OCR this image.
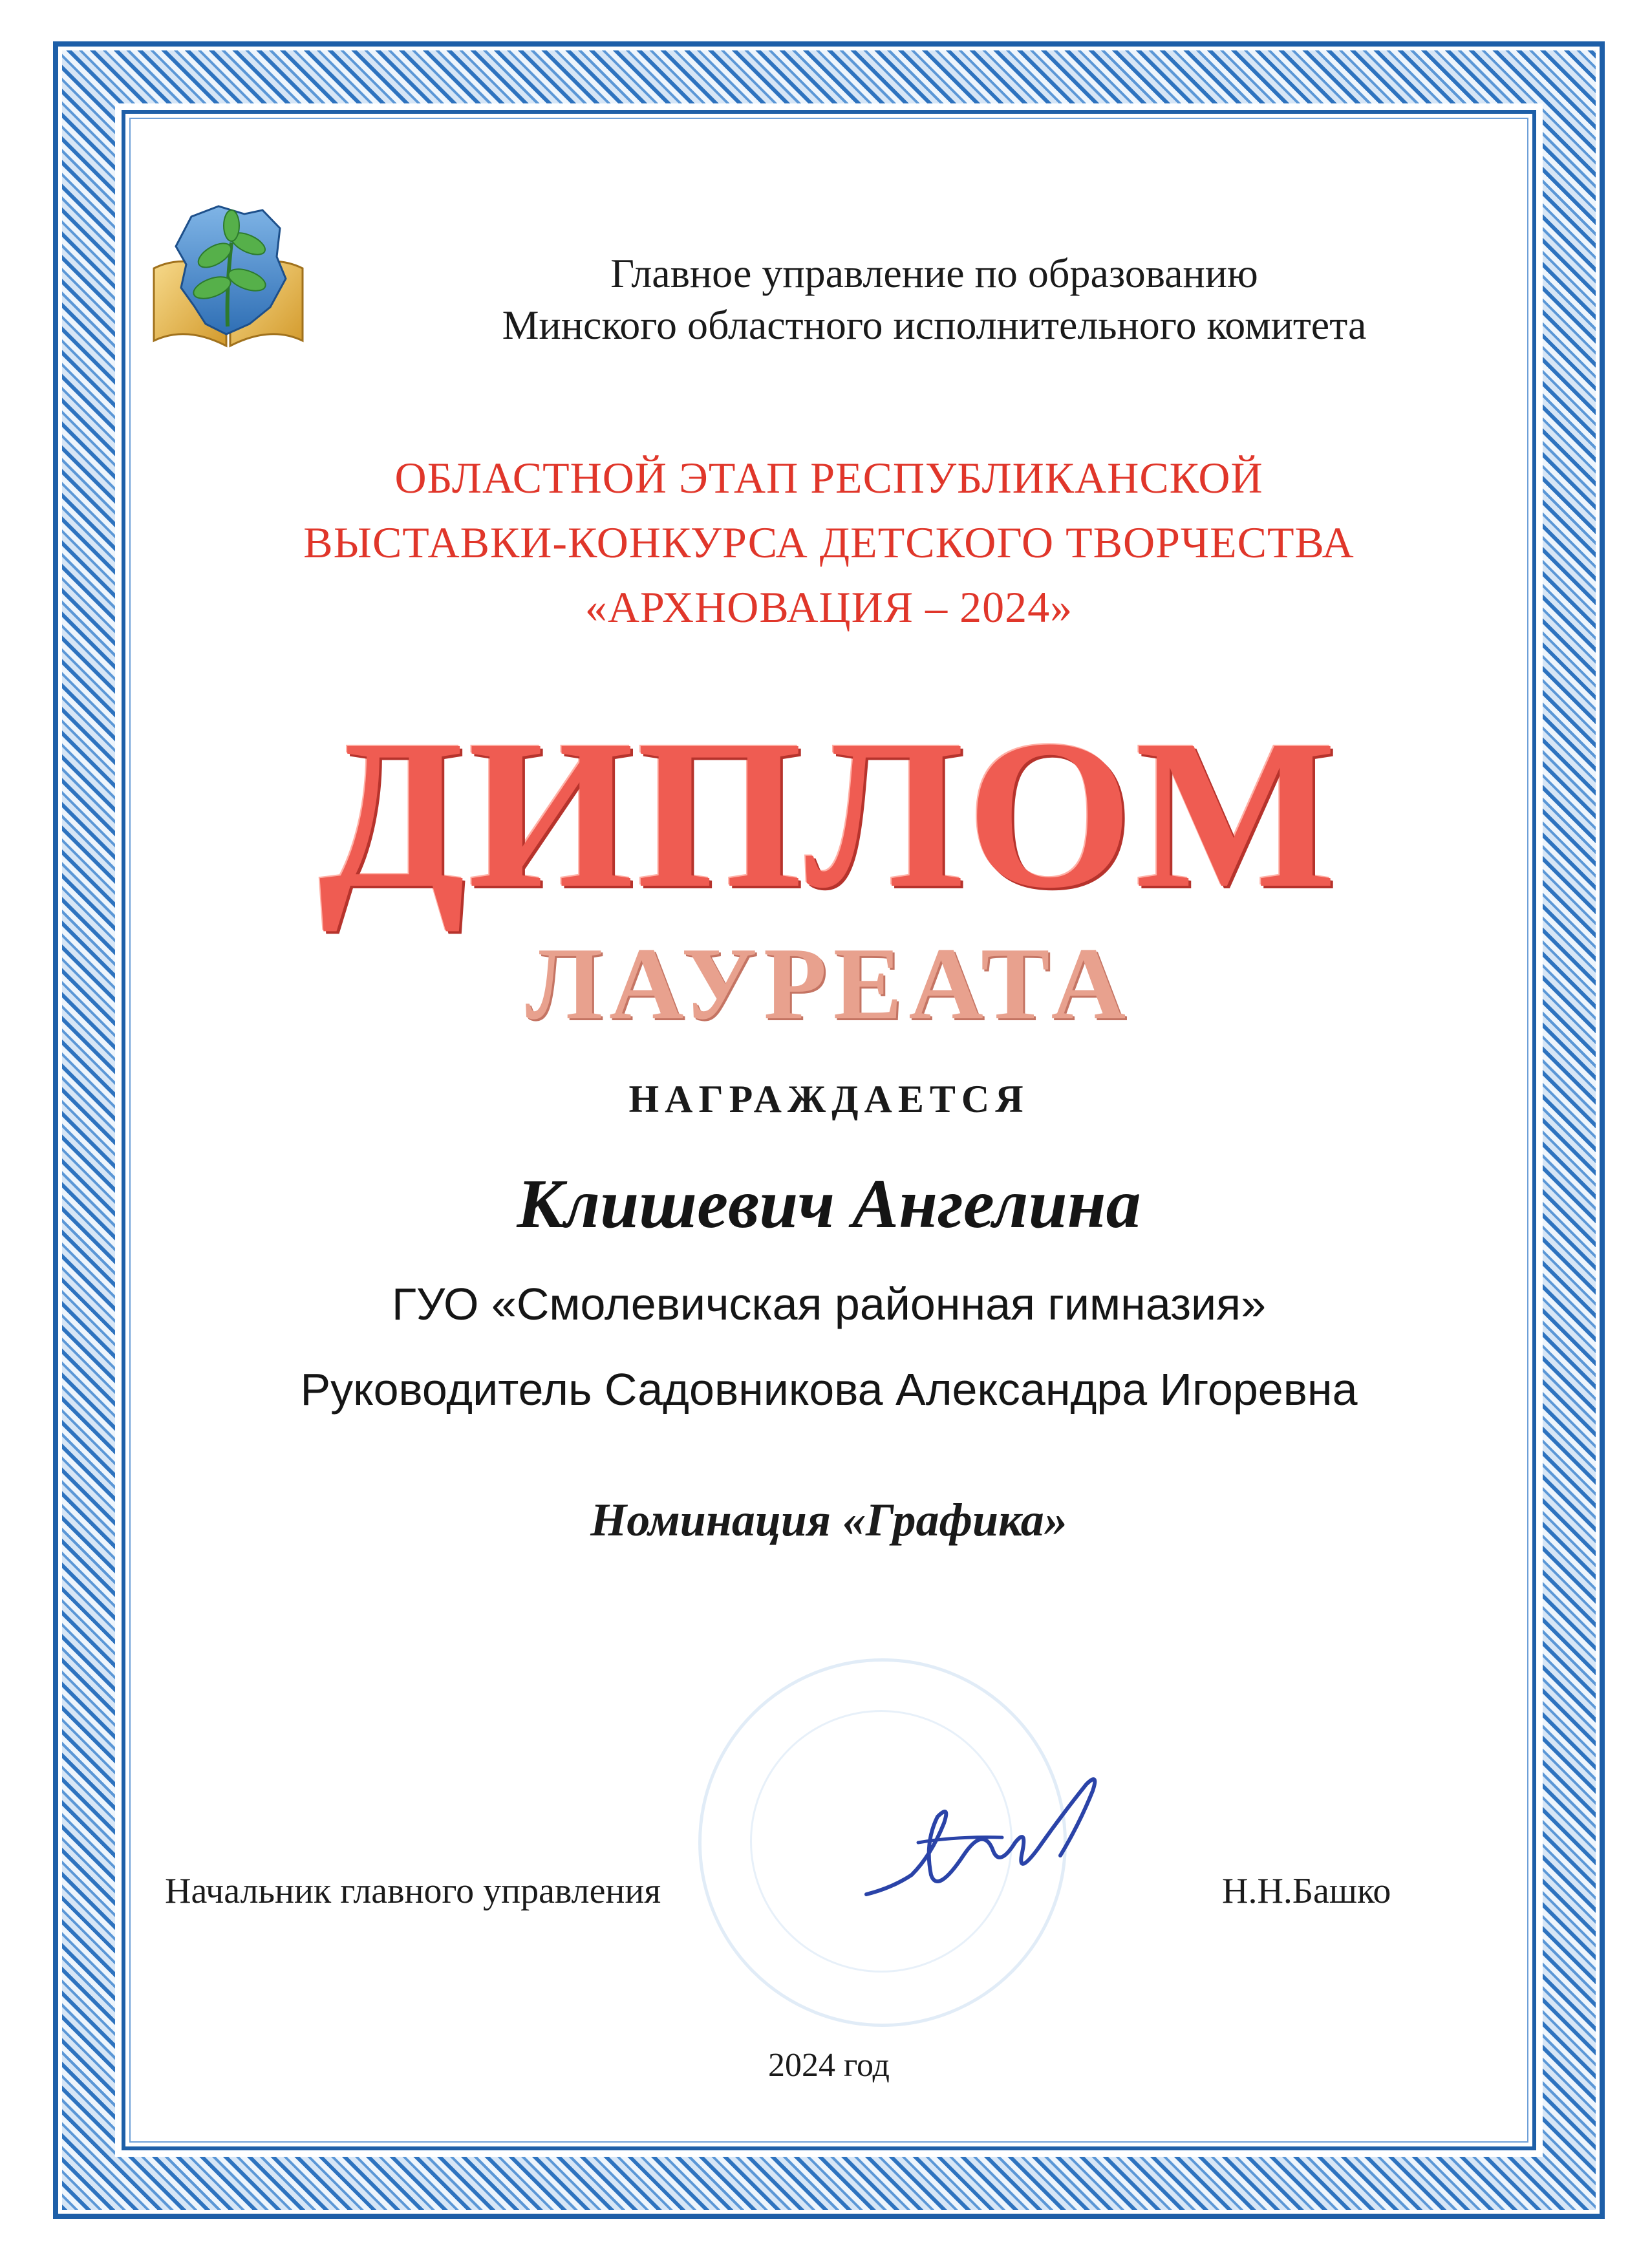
Главное управление по образованию
Минского областного исполнительного комитета
ОБЛАСТНОЙ ЭТАП РЕСПУБЛИКАНСКОЙ
ВЫСТАВКИ-КОНКУРСА ДЕТСКОГО ТВОРЧЕСТВА
«АРХНОВАЦИЯ – 2024»
ДИПЛОМ
ЛАУРЕАТА
НАГРАЖДАЕТСЯ
Клишевич Ангелина
ГУО «Смолевичская районная гимназия»
Руководитель Садовникова Александра Игоревна
Номинация «Графика»
Начальник главного управления	Н.Н.Башко
2024 год
